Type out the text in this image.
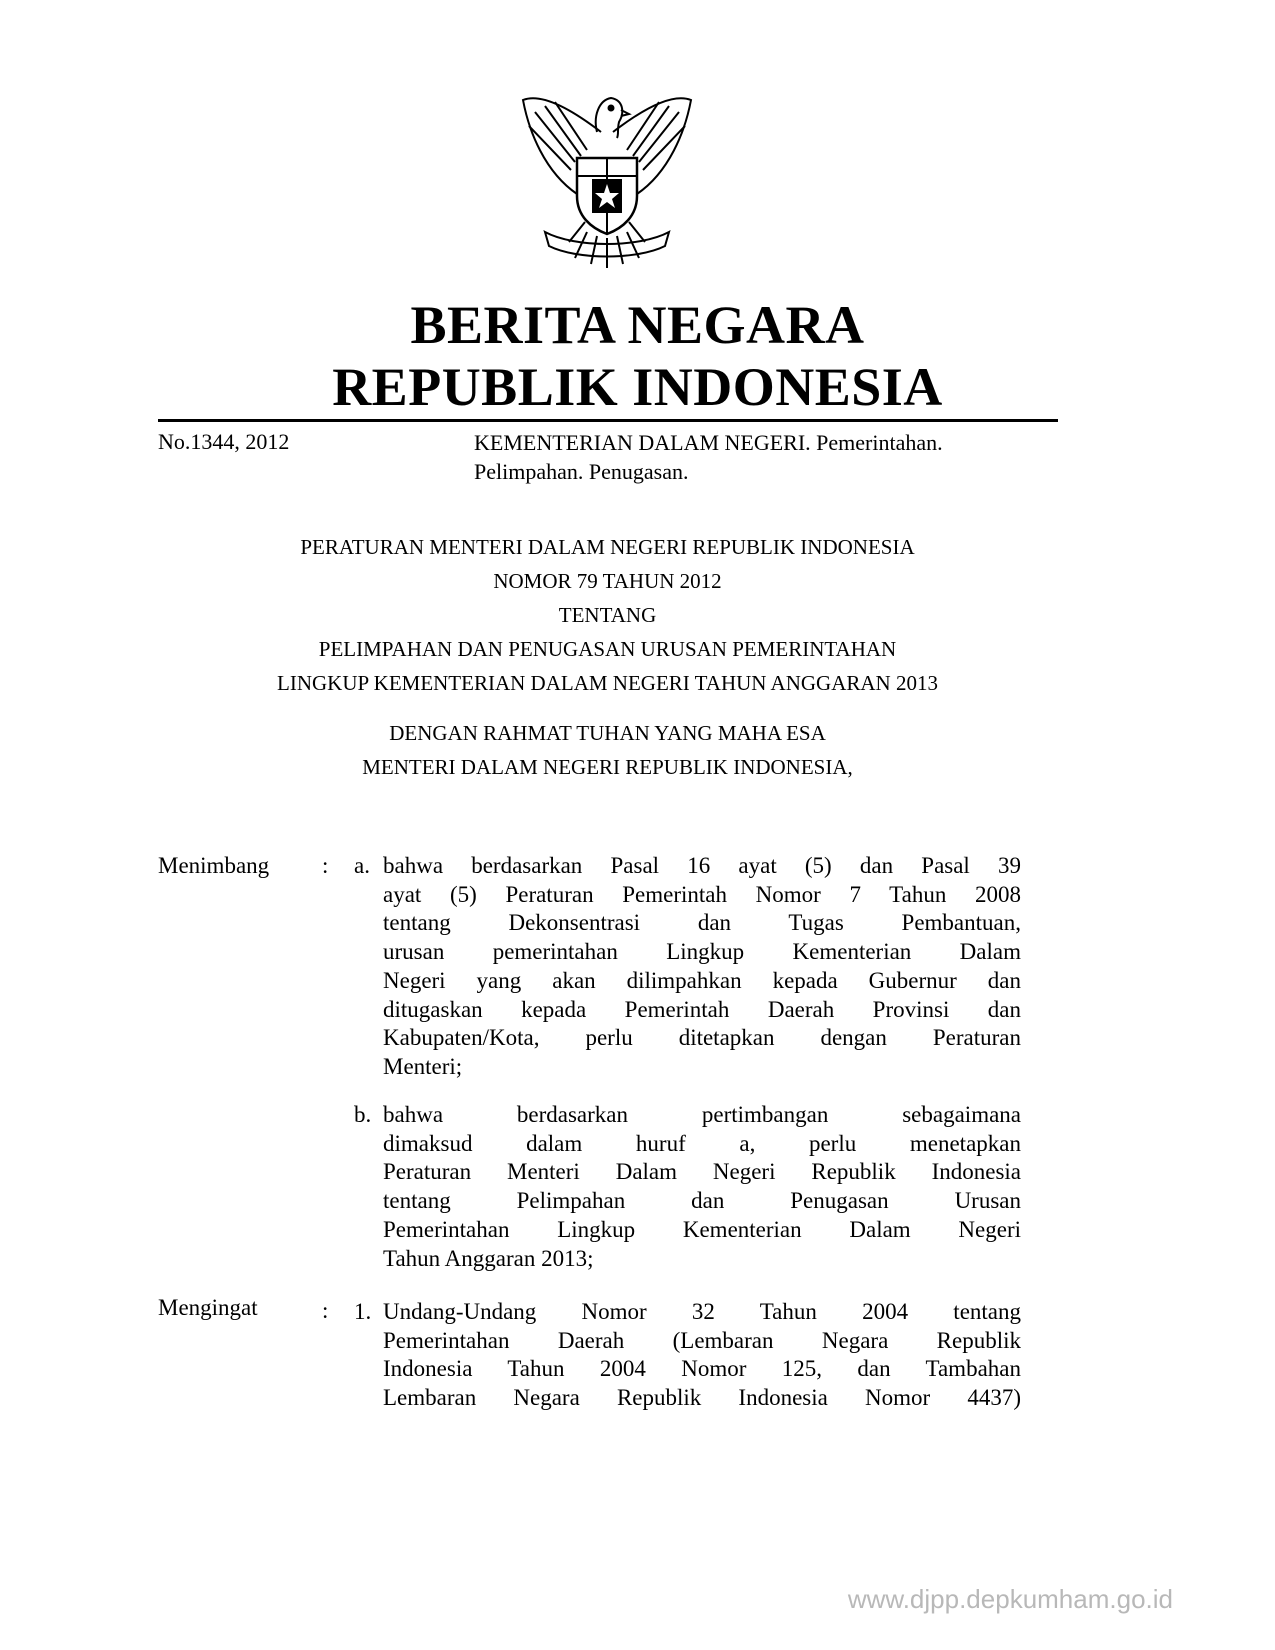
BERITA NEGARA
REPUBLIK INDONESIA
No.1344, 2012	KEMENTERIAN DALAM NEGERI. Pemerintahan.
Pelimpahan. Penugasan.
PERATURAN MENTERI DALAM NEGERI REPUBLIK INDONESIA
NOMOR 79 TAHUN 2012
TENTANG
PELIMPAHAN DAN PENUGASAN URUSAN PEMERINTAHAN
LINGKUP KEMENTERIAN DALAM NEGERI TAHUN ANGGARAN 2013
DENGAN RAHMAT TUHAN YANG MAHA ESA
MENTERI DALAM NEGERI REPUBLIK INDONESIA,
Menimbang : a. bahwa berdasarkan Pasal 16 ayat (5) dan Pasal 39
ayat (5) Peraturan Pemerintah Nomor 7 Tahun 2008
tentang Dekonsentrasi dan Tugas Pembantuan,
urusan pemerintahan Lingkup Kementerian Dalam
Negeri yang akan dilimpahkan kepada Gubernur dan
ditugaskan kepada Pemerintah Daerah Provinsi dan
Kabupaten/Kota, perlu ditetapkan dengan Peraturan
Menteri;
b. bahwa berdasarkan pertimbangan sebagaimana
dimaksud dalam huruf a, perlu menetapkan
Peraturan Menteri Dalam Negeri Republik Indonesia
tentang Pelimpahan dan Penugasan Urusan
Pemerintahan Lingkup Kementerian Dalam Negeri
Tahun Anggaran 2013;
Mengingat	: 1. Undang-Undang Nomor 32 Tahun 2004 tentang
Pemerintahan Daerah (Lembaran Negara Republik
Indonesia Tahun 2004 Nomor 125, dan Tambahan
Lembaran Negara Republik Indonesia Nomor 4437)
www.djpp.depkumham.go.id
